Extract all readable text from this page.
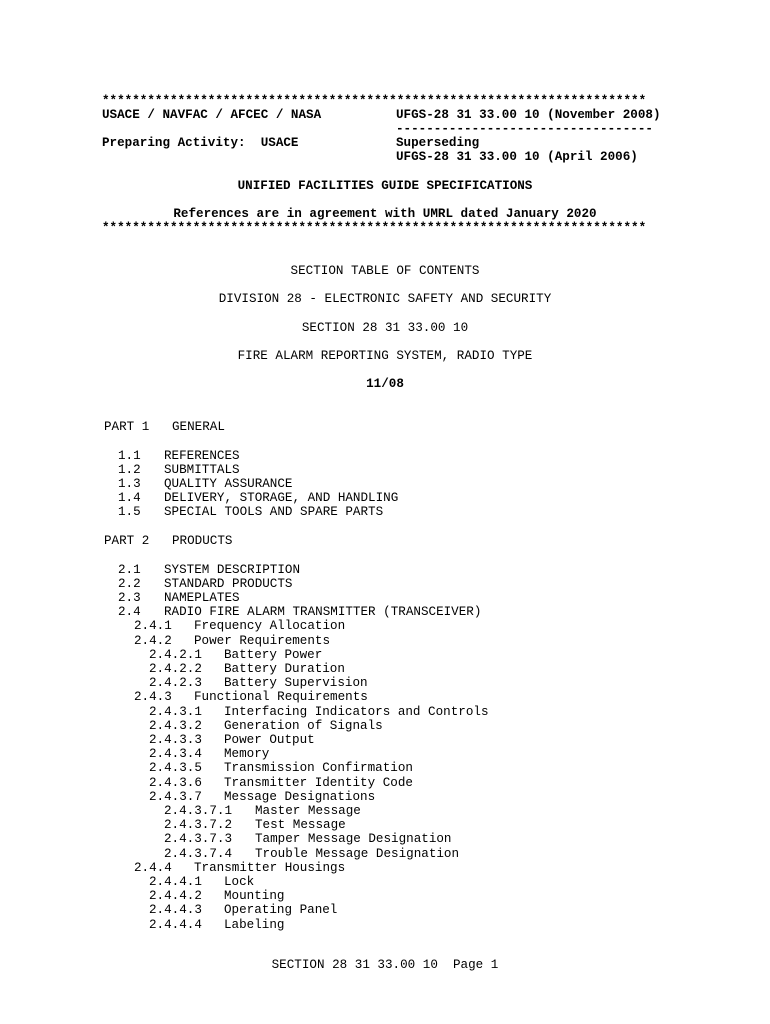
************************************************************************
USACE / NAVFAC / AFCEC / NASA	UFGS-28 31 33.00 10 (November 2008)
----------------------------------
Preparing Activity:  USACE	Superseding
UFGS-28 31 33.00 10 (April 2006)
UNIFIED FACILITIES GUIDE SPECIFICATIONS
References are in agreement with UMRL dated January 2020
************************************************************************
SECTION TABLE OF CONTENTS
DIVISION 28 - ELECTRONIC SAFETY AND SECURITY
SECTION 28 31 33.00 10
FIRE ALARM REPORTING SYSTEM, RADIO TYPE
11/08
PART 1 GENERAL
1.1 REFERENCES
1.2 SUBMITTALS
1.3 QUALITY ASSURANCE
1.4 DELIVERY, STORAGE, AND HANDLING
1.5 SPECIAL TOOLS AND SPARE PARTS
PART 2 PRODUCTS
2.1 SYSTEM DESCRIPTION
2.2 STANDARD PRODUCTS
2.3 NAMEPLATES
2.4 RADIO FIRE ALARM TRANSMITTER (TRANSCEIVER)
2.4.1 Frequency Allocation
2.4.2 Power Requirements
2.4.2.1 Battery Power
2.4.2.2 Battery Duration
2.4.2.3 Battery Supervision
2.4.3 Functional Requirements
2.4.3.1 Interfacing Indicators and Controls
2.4.3.2 Generation of Signals
2.4.3.3 Power Output
2.4.3.4 Memory
2.4.3.5 Transmission Confirmation
2.4.3.6 Transmitter Identity Code
2.4.3.7 Message Designations
2.4.3.7.1 Master Message
2.4.3.7.2 Test Message
2.4.3.7.3 Tamper Message Designation
2.4.3.7.4 Trouble Message Designation
2.4.4 Transmitter Housings
2.4.4.1 Lock
2.4.4.2 Mounting
2.4.4.3 Operating Panel
2.4.4.4 Labeling
SECTION 28 31 33.00 10  Page 1
